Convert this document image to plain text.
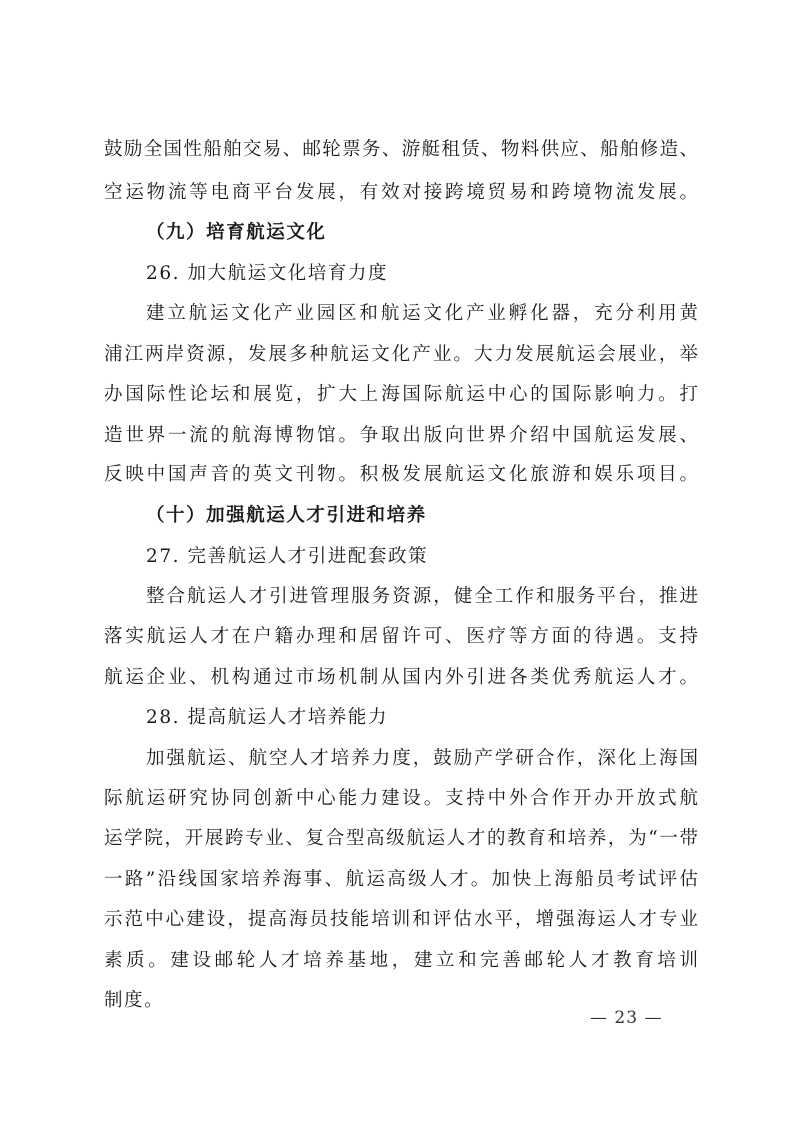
鼓励全国性船舶交易、邮轮票务、游艇租赁、物料供应、船舶修造、
空运物流等电商平台发展，有效对接跨境贸易和跨境物流发展。
（九）培育航运文化
26. 加大航运文化培育力度
建立航运文化产业园区和航运文化产业孵化器，充分利用黄
浦江两岸资源，发展多种航运文化产业。大力发展航运会展业，举
办国际性论坛和展览，扩大上海国际航运中心的国际影响力。打
造世界一流的航海博物馆。争取出版向世界介绍中国航运发展、
反映中国声音的英文刊物。积极发展航运文化旅游和娱乐项目。
（十）加强航运人才引进和培养
27. 完善航运人才引进配套政策
整合航运人才引进管理服务资源，健全工作和服务平台，推进
落实航运人才在户籍办理和居留许可、医疗等方面的待遇。支持
航运企业、机构通过市场机制从国内外引进各类优秀航运人才。
28. 提高航运人才培养能力
加强航运、航空人才培养力度，鼓励产学研合作，深化上海国
际航运研究协同创新中心能力建设。支持中外合作开办开放式航
运学院，开展跨专业、复合型高级航运人才的教育和培养，为“一带
一路”沿线国家培养海事、航运高级人才。加快上海船员考试评估
示范中心建设，提高海员技能培训和评估水平，增强海运人才专业
素质。建设邮轮人才培养基地，建立和完善邮轮人才教育培训
制度。
— 23 —
